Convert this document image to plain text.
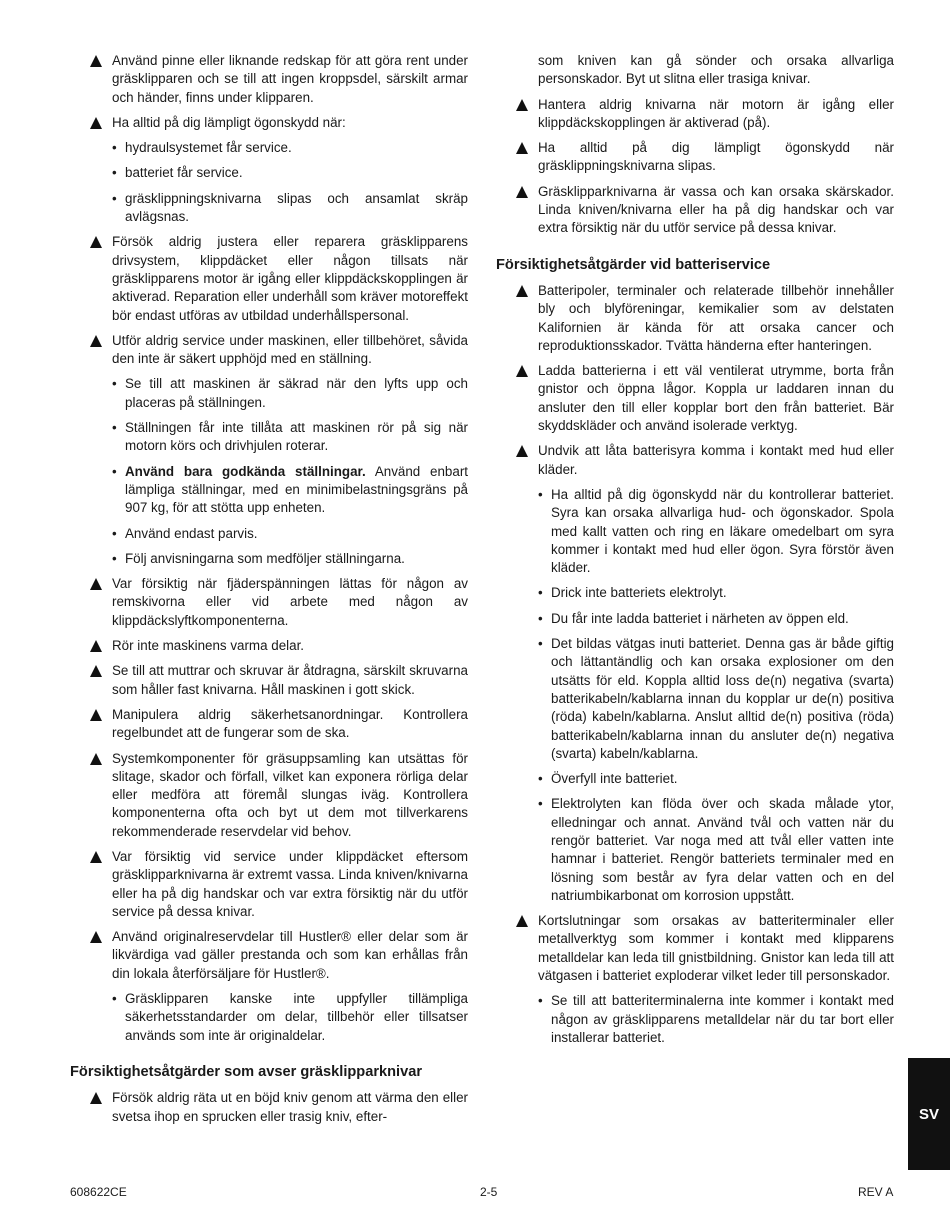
Använd pinne eller liknande redskap för att göra rent under gräsklipparen och se till att ingen kroppsdel, särskilt armar och händer, finns under klipparen.
Ha alltid på dig lämpligt ögonskydd när:
• hydraulsystemet får service.
• batteriet får service.
• gräsklippningsknivarna slipas och ansamlat skräp avlägsnas.
Försök aldrig justera eller reparera gräsklipparens drivsystem, klippdäcket eller någon tillsats när gräsklipparens motor är igång eller klippdäckskopplingen är aktiverad. Reparation eller underhåll som kräver motoreffekt bör endast utföras av utbildad underhållspersonal.
Utför aldrig service under maskinen, eller tillbehöret, såvida den inte är säkert upphöjd med en ställning.
• Se till att maskinen är säkrad när den lyfts upp och placeras på ställningen.
• Ställningen får inte tillåta att maskinen rör på sig när motorn körs och drivhjulen roterar.
• Använd bara godkända ställningar. Använd enbart lämpliga ställningar, med en minimibelastningsgräns på 907 kg, för att stötta upp enheten.
• Använd endast parvis.
• Följ anvisningarna som medföljer ställningarna.
Var försiktig när fjäderspänningen lättas för någon av remskivorna eller vid arbete med någon av klippdäckslyftkomponenterna.
Rör inte maskinens varma delar.
Se till att muttrar och skruvar är åtdragna, särskilt skruvarna som håller fast knivarna. Håll maskinen i gott skick.
Manipulera aldrig säkerhetsanordningar. Kontrollera regelbundet att de fungerar som de ska.
Systemkomponenter för gräsuppsamling kan utsättas för slitage, skador och förfall, vilket kan exponera rörliga delar eller medföra att föremål slungas iväg. Kontrollera komponenterna ofta och byt ut dem mot tillverkarens rekommenderade reservdelar vid behov.
Var försiktig vid service under klippdäcket eftersom gräsklipparknivarna är extremt vassa. Linda kniven/knivarna eller ha på dig handskar och var extra försiktig när du utför service på dessa knivar.
Använd originalreservdelar till Hustler® eller delar som är likvärdiga vad gäller prestanda och som kan erhållas från din lokala återförsäljare för Hustler®.
• Gräsklipparen kanske inte uppfyller tillämpliga säkerhetsstandarder om delar, tillbehör eller tillsatser används som inte är originaldelar.
Försiktighetsåtgärder som avser gräsklipparknivar
Försök aldrig räta ut en böjd kniv genom att värma den eller svetsa ihop en sprucken eller trasig kniv, efter-
som kniven kan gå sönder och orsaka allvarliga personskador. Byt ut slitna eller trasiga knivar.
Hantera aldrig knivarna när motorn är igång eller klippdäckskopplingen är aktiverad (på).
Ha alltid på dig lämpligt ögonskydd när gräsklippningsknivarna slipas.
Gräsklipparknivarna är vassa och kan orsaka skärskador. Linda kniven/knivarna eller ha på dig handskar och var extra försiktig när du utför service på dessa knivar.
Försiktighetsåtgärder vid batteriservice
Batteripoler, terminaler och relaterade tillbehör innehåller bly och blyföreningar, kemikalier som av delstaten Kalifornien är kända för att orsaka cancer och reproduktionsskador. Tvätta händerna efter hanteringen.
Ladda batterierna i ett väl ventilerat utrymme, borta från gnistor och öppna lågor. Koppla ur laddaren innan du ansluter den till eller kopplar bort den från batteriet. Bär skyddskläder och använd isolerade verktyg.
Undvik att låta batterisyra komma i kontakt med hud eller kläder.
• Ha alltid på dig ögonskydd när du kontrollerar batteriet. Syra kan orsaka allvarliga hud- och ögonskador. Spola med kallt vatten och ring en läkare omedelbart om syra kommer i kontakt med hud eller ögon. Syra förstör även kläder.
• Drick inte batteriets elektrolyt.
• Du får inte ladda batteriet i närheten av öppen eld.
• Det bildas vätgas inuti batteriet. Denna gas är både giftig och lättantändlig och kan orsaka explosioner om den utsätts för eld. Koppla alltid loss de(n) negativa (svarta) batterikabeln/kablarna innan du kopplar ur de(n) positiva (röda) kabeln/kablarna. Anslut alltid de(n) positiva (röda) batterikabeln/kablarna innan du ansluter de(n) negativa (svarta) kabeln/kablarna.
• Överfyll inte batteriet.
• Elektrolyten kan flöda över och skada målade ytor, elledningar och annat. Använd tvål och vatten när du rengör batteriet. Var noga med att tvål eller vatten inte hamnar i batteriet. Rengör batteriets terminaler med en lösning som består av fyra delar vatten och en del natriumbikarbonat om korrosion uppstått.
Kortslutningar som orsakas av batteriterminaler eller metallverktyg som kommer i kontakt med klipparens metalldelar kan leda till gnistbildning. Gnistor kan leda till att vätgasen i batteriet exploderar vilket leder till personskador.
• Se till att batteriterminalerna inte kommer i kontakt med någon av gräsklipparens metalldelar när du tar bort eller installerar batteriet.
SV
608622CE	2-5	REV A
